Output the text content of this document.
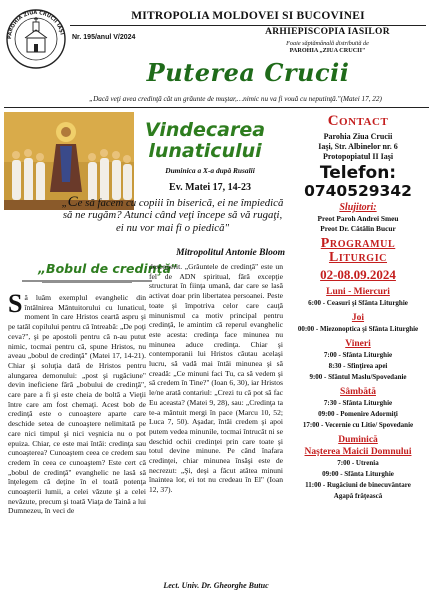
PAROHIA ZIUA CRUCII IAŞI
MITROPOLIA MOLDOVEI SI BUCOVINEI
Nr. 195/anul V/2024
ARHIEPISCOPIA IASILOR
Foaie săptămânală distribuită de
PAROHIA „ZIUA CRUCII"
Puterea Crucii
„Dacă veţi avea credinţă cât un grăunte de muştar,…nimic nu va fi vouă cu neputinţă."(Matei 17, 22)
Vindecarea
lunaticului
Duminica a X-a după Rusalii
Ev. Matei 17, 14-23
„Ce să facem cu copiii în biserică, ei ne împiedică să ne rugăm? Atunci când veţi începe să vă rugaţi, ei nu vor mai fi o piedică"
Mitropolitul Antonie Bloom
Contact
Parohia Ziua Crucii
Iaşi, Str. Albinelor nr. 6
Protopopiatul II Iaşi
Telefon:
0740529342
Slujitori:
Preot Paroh Andrei Smeu
Preot Dr. Cătălin Bucur
Programul
Liturgic
02-08.09.2024
Luni - Miercuri
6:00 - Ceasuri şi Sfânta Liturghie
Joi
00:00 - Miezonoptica şi Sfânta Liturghie
Vineri
7:00 - Sfânta Liturghie
8:30 - Sfinţirea apei
9:00 - Sfântul Maslu/Spovedanie
Sâmbătă
7:30 - Sfânta Liturghie
09:00 - Pomenire Adormiţi
17:00 - Vecernie cu Litie/ Spovedanie
Duminică
Naşterea Maicii Domnului
7:00 - Utrenia
09:00 - Sfânta Liturghie
11:00 - Rugăciuni de binecuvântare
Agapă frăţească
„Bobul de credinţă"
Să luăm exemplul evanghelic din întâlnirea Mântuitorului cu lunaticul, moment în care Hristos ceartă aspru şi pe tatăl copilului pentru că întreabă: „De poţi ceva?", şi pe apostoli pentru că n-au putut nimic, tocmai pentru că, spune Hristos, nu aveau „bobul de credinţă" (Matei 17, 14-21). Chiar şi soluţia dată de Hristos pentru alungarea demonului: „post şi rugăciune" devin ineficiene fără „bobului de credinţă", care pare a fi şi este cheia de boltă a Vieţii între care am fost chemaţi. Acest bob de credinţă este o cunoaştere aparte care deschide setea de cunoaştere nelimitată pe care nici timpul şi nici veşnicia nu o pot epuiza. Chiar, ce este mai întâi: credinţa sau cunoaşterea? Cunoaştem ceea ce credem sau credem în ceea ce cunoaştem? Este cert că „bobul de credinţă" evanghelic ne lasă să înţelegem că deţine în el toată potenţa cunoaşterii lumii, a celei văzute şi a celei nevăzute, precum şi toată Viaţa de Taină a lui Dumnezeu, în veci de
descoperit. „Grăuntele de credinţă" este un fel de ADN spiritual, fără excepţie structurat în fiinţa umană, dar care se lasă activat doar prin libertatea persoanei. Peste toate şi împotriva celor care cauţă minunismul ca motiv principal pentru credinţă, le amintim că reperul evanghelic este acesta: credinţa face minunea nu minunea aduce credinţa. Chiar şi contemporanii lui Hristos căutau acelaşi lucru, să vadă mai întâi minunea şi să creadă: „Ce minuni faci Tu, ca să vedem şi să credem în Tine?" (Ioan 6, 30), iar Hristos le/ne arată contariul: „Crezi tu că pot să fac Eu aceasta? (Matei 9, 28), sau: „Credinţa ta te-a mântuit mergi în pace (Marcu 10, 52; Luca 7, 50). Aşadar, întâi credem şi apoi putem vedea minunile, tocmai întrucât ni se deschid ochii credinţei prin care toate şi totul devine minune. Pe când înafara credinţei, chiar minunea însăşi este de necrezut: „Şi, deşi a făcut atâtea minuni înaintea lor, ei tot nu credeau în El" (Ioan 12, 37).
Lect. Univ. Dr. Gheorghe Butuc
